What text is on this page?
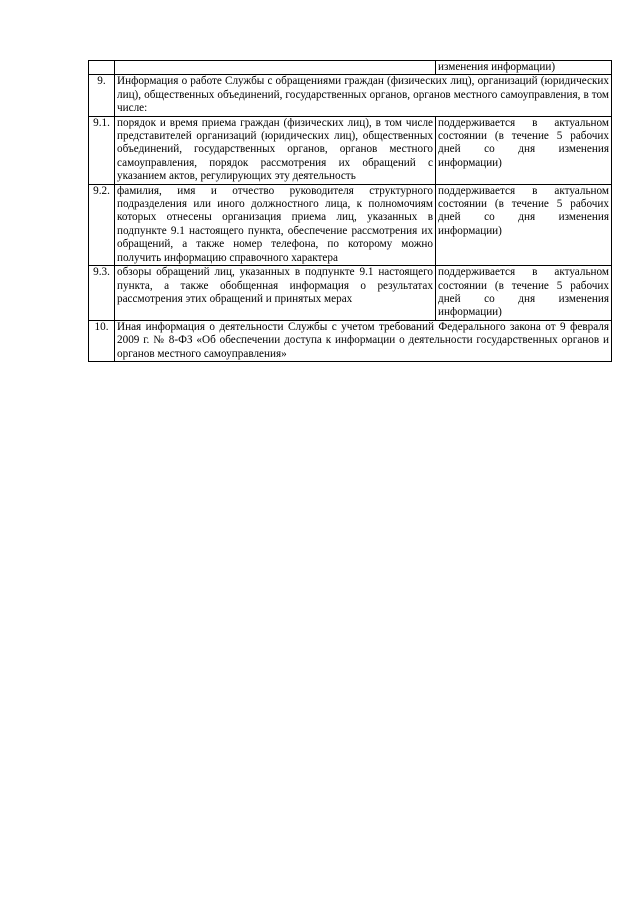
		изменения информации)
9.	Информация о работе Службы с обращениями граждан (физических лиц), организаций (юридических лиц), общественных объединений, государственных органов, органов местного самоуправления, в том числе:	
9.1.	порядок и время приема граждан (физических лиц), в том числе представителей организаций (юридических лиц), общественных объединений, государственных органов, органов местного самоуправления, порядок рассмотрения их обращений с указанием актов, регулирующих эту деятельность	поддерживается в актуальном состоянии (в течение 5 рабочих дней со дня изменения информации)
9.2.	фамилия, имя и отчество руководителя структурного подразделения или иного должностного лица, к полномочиям которых отнесены организация приема лиц, указанных в подпункте 9.1 настоящего пункта, обеспечение рассмотрения их обращений, а также номер телефона, по которому можно получить информацию справочного характера	поддерживается в актуальном состоянии (в течение 5 рабочих дней со дня изменения информации)
9.3.	обзоры обращений лиц, указанных в подпункте 9.1 настоящего пункта, а также обобщенная информация о результатах рассмотрения этих обращений и принятых мерах	поддерживается в актуальном состоянии (в течение 5 рабочих дней со дня изменения информации)
10.	Иная информация о деятельности Службы с учетом требований Федерального закона от 9 февраля 2009 г. № 8-ФЗ «Об обеспечении доступа к информации о деятельности государственных органов и органов местного самоуправления»	
